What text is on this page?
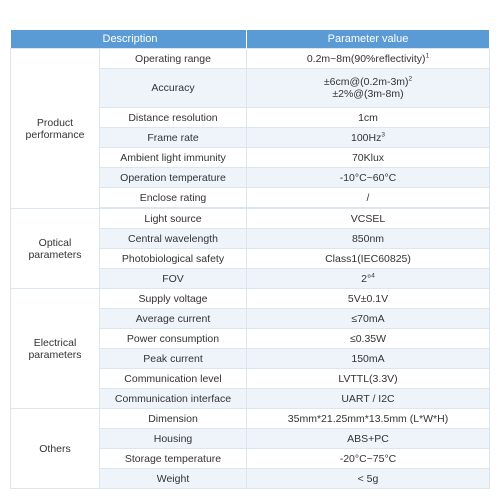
Description		Parameter value

Product
performance	Operating range	0.2m~8m(90%reflectivity)$^1$
	Accuracy	$\pm 6cm@(0.2m-3m)^2$
±2%@(3m-8m)

	Distance resolution	1cm
	Frame rate	100Hz$^3$
	Ambient light immunity	70Klux
	Operation temperature	-10°C~60°C
	Enclose rating	/

Optical
parameters	Light source	VCSEL
	Central wavelength	850nm
	Photobiological safety	Class1(IEC60825)
	FOV	2°$^4$

Electrical
parameters	Supply voltage	5V±0.1V
	Average current	≤70mA
	Power consumption	≤0.35W
	Peak current	150mA
	Communication level	LVTTL(3.3V)
	Communication interface	UART / I2C

Others	Dimension	35mm*21.25mm*13.5mm (L*W*H)
	Housing	ABS+PC
	Storage temperature	-20°C~75°C
	Weight	< 5g
